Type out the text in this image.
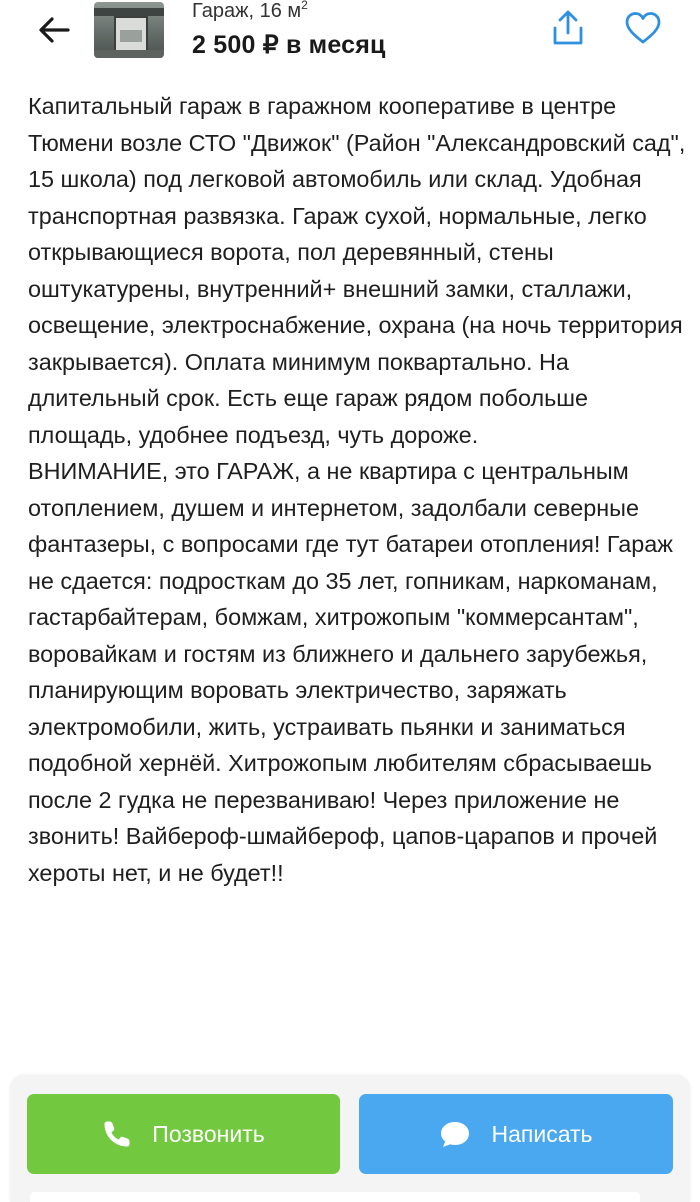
Гараж, 16 $м^2$
2 500 ₽ в месяц

Капитальный гараж в гаражном кооперативе в центре Тюмени возле СТО "Движок" (Район "Александровский сад", 15 школа) под легковой автомобиль или склад. Удобная транспортная развязка. Гараж сухой, нормальные, легко открывающиеся ворота, пол деревянный, стены оштукатурены, внутренний+ внешний замки, сталлажи, освещение, электроснабжение, охрана (на ночь территория закрывается). Оплата минимум поквартально. На длительный срок. Есть еще гараж рядом побольше площадь, удобнее подъезд, чуть дороже.

ВНИМАНИЕ, это ГАРАЖ, а не квартира с центральным отоплением, душем и интернетом, задолбали северные фантазеры, с вопросами где тут батареи отопления! Гараж не сдается: подросткам до 35 лет, гопникам, наркоманам, гастарбайтерам, бомжам, хитрожопым "коммерсантам", воровайкам и гостям из ближнего и дальнего зарубежья, планирующим воровать электричество, заряжать электромобили, жить, устраивать пьянки и заниматься подобной хернёй. Хитрожопым любителям сбрасываешь после 2 гудка не перезваниваю! Через приложение не звонить! Вайбероф-шмайбероф, цапов-царапов и прочей хероты нет, и не будет!!

Позвонить	Написать
